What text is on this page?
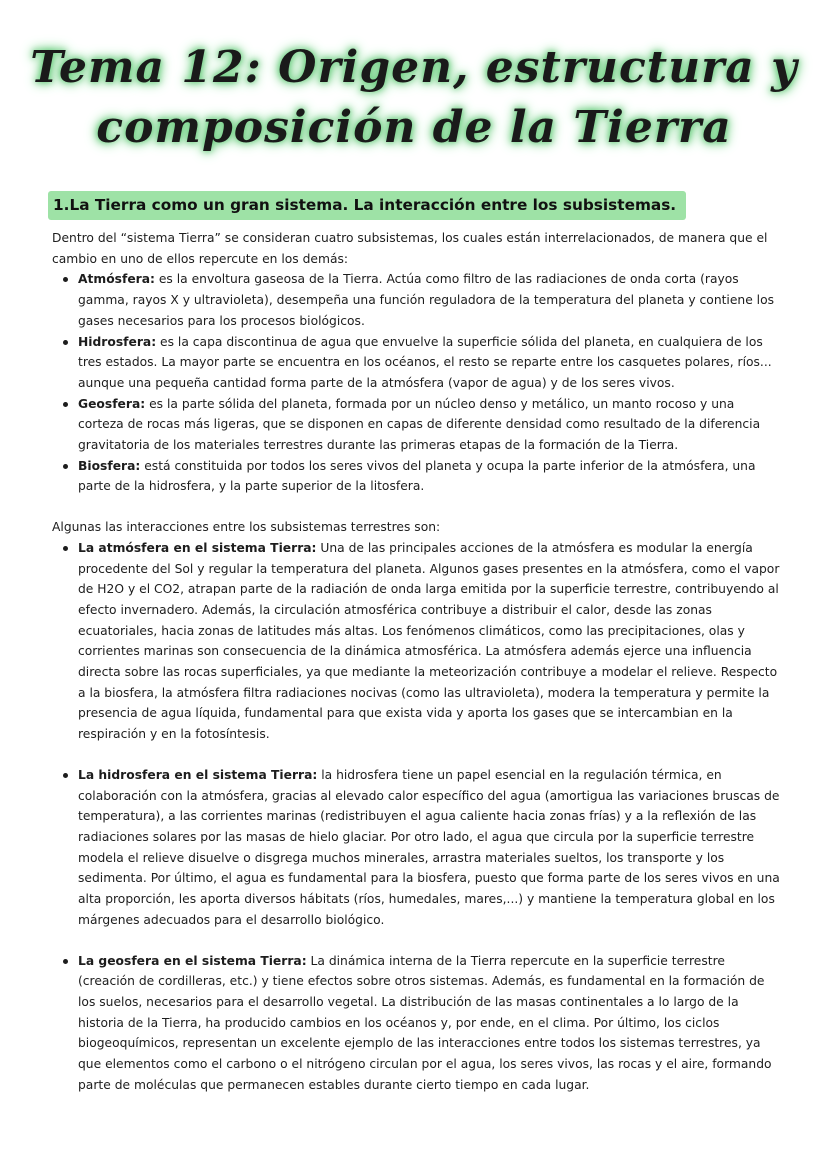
Tema 12: Origen, estructura y
composición de la Tierra
1.La Tierra como un gran sistema. La interacción entre los subsistemas.

Dentro del “sistema Tierra” se consideran cuatro subsistemas, los cuales están interrelacionados, de manera que el cambio en uno de ellos repercute en los demás:

Atmósfera: es la envoltura gaseosa de la Tierra. Actúa como filtro de las radiaciones de onda corta (rayos gamma, rayos X y ultravioleta), desempeña una función reguladora de la temperatura del planeta y contiene los gases necesarios para los procesos biológicos.
Hidrosfera: es la capa discontinua de agua que envuelve la superficie sólida del planeta, en cualquiera de los tres estados. La mayor parte se encuentra en los océanos, el resto se reparte entre los casquetes polares, ríos... aunque una pequeña cantidad forma parte de la atmósfera (vapor de agua) y de los seres vivos.
Geosfera: es la parte sólida del planeta, formada por un núcleo denso y metálico, un manto rocoso y una corteza de rocas más ligeras, que se disponen en capas de diferente densidad como resultado de la diferencia gravitatoria de los materiales terrestres durante las primeras etapas de la formación de la Tierra.
Biosfera: está constituida por todos los seres vivos del planeta y ocupa la parte inferior de la atmósfera, una parte de la hidrosfera, y la parte superior de la litosfera.

Algunas las interacciones entre los subsistemas terrestres son:

La atmósfera en el sistema Tierra: Una de las principales acciones de la atmósfera es modular la energía procedente del Sol y regular la temperatura del planeta. Algunos gases presentes en la atmósfera, como el vapor de H2O y el CO2, atrapan parte de la radiación de onda larga emitida por la superficie terrestre, contribuyendo al efecto invernadero. Además, la circulación atmosférica contribuye a distribuir el calor, desde las zonas ecuatoriales, hacia zonas de latitudes más altas. Los fenómenos climáticos, como las precipitaciones, olas y corrientes marinas son consecuencia de la dinámica atmosférica. La atmósfera además ejerce una influencia directa sobre las rocas superficiales, ya que mediante la meteorización contribuye a modelar el relieve. Respecto a la biosfera, la atmósfera filtra radiaciones nocivas (como las ultravioleta), modera la temperatura y permite la presencia de agua líquida, fundamental para que exista vida y aporta los gases que se intercambian en la respiración y en la fotosíntesis.
La hidrosfera en el sistema Tierra: la hidrosfera tiene un papel esencial en la regulación térmica, en colaboración con la atmósfera, gracias al elevado calor específico del agua (amortigua las variaciones bruscas de temperatura), a las corrientes marinas (redistribuyen el agua caliente hacia zonas frías) y a la reflexión de las radiaciones solares por las masas de hielo glaciar. Por otro lado, el agua que circula por la superficie terrestre modela el relieve disuelve o disgrega muchos minerales, arrastra materiales sueltos, los transporte y los sedimenta. Por último, el agua es fundamental para la biosfera, puesto que forma parte de los seres vivos en una alta proporción, les aporta diversos hábitats (ríos, humedales, mares,...) y mantiene la temperatura global en los márgenes adecuados para el desarrollo biológico.
La geosfera en el sistema Tierra: La dinámica interna de la Tierra repercute en la superficie terrestre (creación de cordilleras, etc.) y tiene efectos sobre otros sistemas. Además, es fundamental en la formación de los suelos, necesarios para el desarrollo vegetal. La distribución de las masas continentales a lo largo de la historia de la Tierra, ha producido cambios en los océanos y, por ende, en el clima. Por último, los ciclos biogeoquímicos, representan un excelente ejemplo de las interacciones entre todos los sistemas terrestres, ya que elementos como el carbono o el nitrógeno circulan por el agua, los seres vivos, las rocas y el aire, formando parte de moléculas que permanecen estables durante cierto tiempo en cada lugar.
